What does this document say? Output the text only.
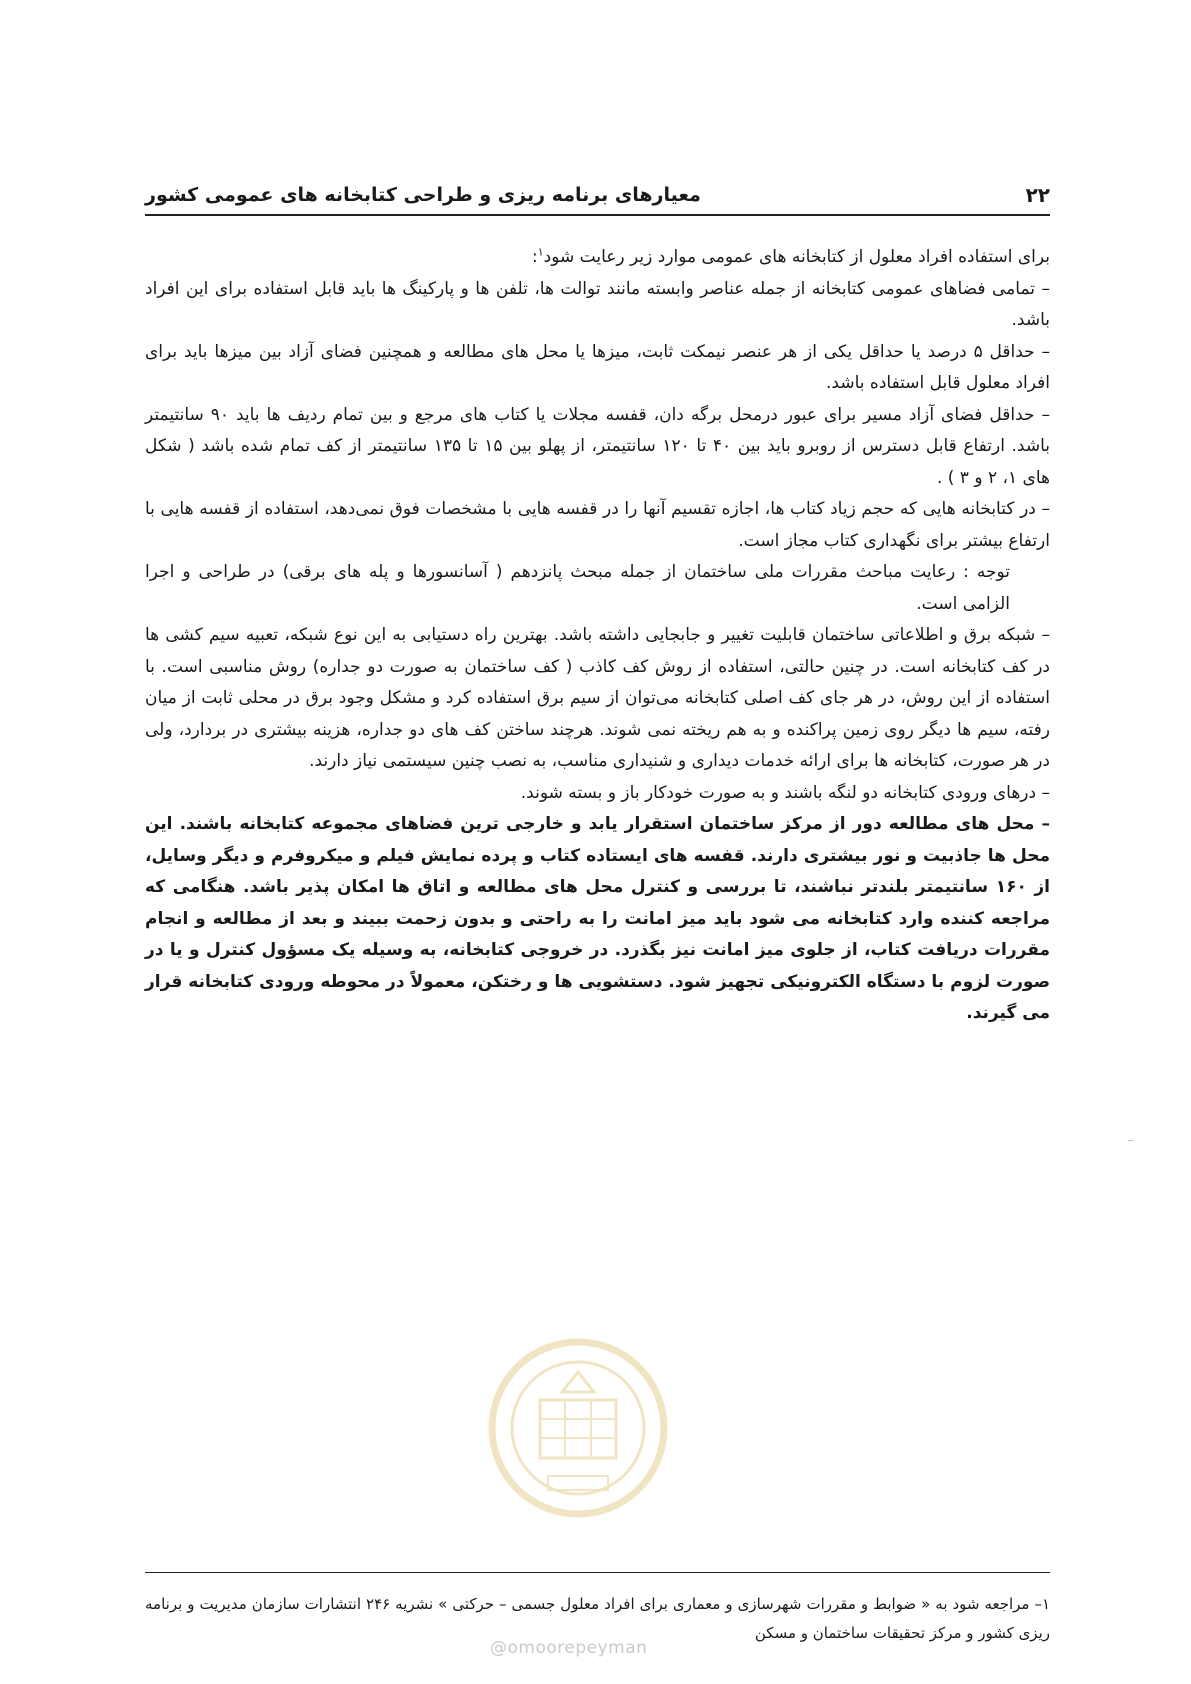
۲۲
معیارهای برنامه ریزی و طراحی کتابخانه های عمومی کشور

برای استفاده افراد معلول از کتابخانه های عمومی موارد زیر رعایت شود$^۱$:

– تمامی فضاهای عمومی کتابخانه از جمله عناصر وابسته مانند توالت ها، تلفن ها و پارکینگ ها باید قابل استفاده برای این افراد باشد.

– حداقل ۵ درصد یا حداقل یکی از هر عنصر نیمکت ثابت، میزها یا محل های مطالعه و همچنین فضای آزاد بین میزها باید برای افراد معلول قابل استفاده باشد.

– حداقل فضای آزاد مسیر برای عبور درمحل برگه دان، قفسه مجلات یا کتاب های مرجع و بین تمام ردیف ها باید ۹۰ سانتیمتر باشد. ارتفاع قابل دسترس از روبرو باید بین ۴۰ تا ۱۲۰ سانتیمتر، از پهلو بین ۱۵ تا ۱۳۵ سانتیمتر از کف تمام شده باشد ( شکل های ۱، ۲ و ۳ ) .

– در کتابخانه هایی که حجم زیاد کتاب ها، اجازه تقسیم آنها را در قفسه هایی با مشخصات فوق نمی‌دهد، استفاده از قفسه هایی با ارتفاع بیشتر برای نگهداری کتاب مجاز است.

توجه : رعایت مباحث مقررات ملی ساختمان از جمله مبحث پانزدهم ( آسانسورها و پله های برقی) در طراحی و اجرا الزامی است.

– شبکه برق و اطلاعاتی ساختمان قابلیت تغییر و جابجایی داشته باشد. بهترین راه دستیابی به این نوع شبکه، تعبیه سیم کشی ها در کف کتابخانه است. در چنین حالتی، استفاده از روش کف کاذب ( کف ساختمان به صورت دو جداره) روش مناسبی است. با استفاده از این روش، در هر جای کف اصلی کتابخانه می‌توان از سیم برق استفاده کرد و مشکل وجود برق در محلی ثابت از میان رفته، سیم ها دیگر روی زمین پراکنده و به هم ریخته نمی شوند. هرچند ساختن کف های دو جداره، هزینه بیشتری در بردارد، ولی در هر صورت، کتابخانه ها برای ارائه خدمات دیداری و شنیداری مناسب، به نصب چنین سیستمی نیاز دارند.

– درهای ورودی کتابخانه دو لنگه باشند و به صورت خودکار باز و بسته شوند.

– محل های مطالعه دور از مرکز ساختمان استقرار یابد و خارجی ترین فضاهای مجموعه کتابخانه باشند. این محل ها جاذبیت و نور بیشتری دارند. قفسه های ایستاده کتاب و پرده نمایش فیلم و میکروفرم و دیگر وسایل، از ۱۶۰ سانتیمتر بلندتر نباشند، تا بررسی و کنترل محل های مطالعه و اتاق ها امکان پذیر باشد. هنگامی که مراجعه کننده وارد کتابخانه می شود باید میز امانت را به راحتی و بدون زحمت ببیند و بعد از مطالعه و انجام مقررات دریافت کتاب، از جلوی میز امانت نیز بگذرد. در خروجی کتابخانه، به وسیله یک مسؤول کنترل و یا در صورت لزوم با دستگاه الکترونیکی تجهیز شود. دستشویی ها و رختکن، معمولاً در محوطه ورودی کتابخانه قرار می گیرند.

۱– مراجعه شود به « ضوابط و مقررات شهرسازی و معماری برای افراد معلول جسمی – حرکتی » نشریه ۲۴۶ انتشارات سازمان مدیریت و برنامه ریزی کشور و مرکز تحقیقات ساختمان و مسکن

@omoorepeyman
